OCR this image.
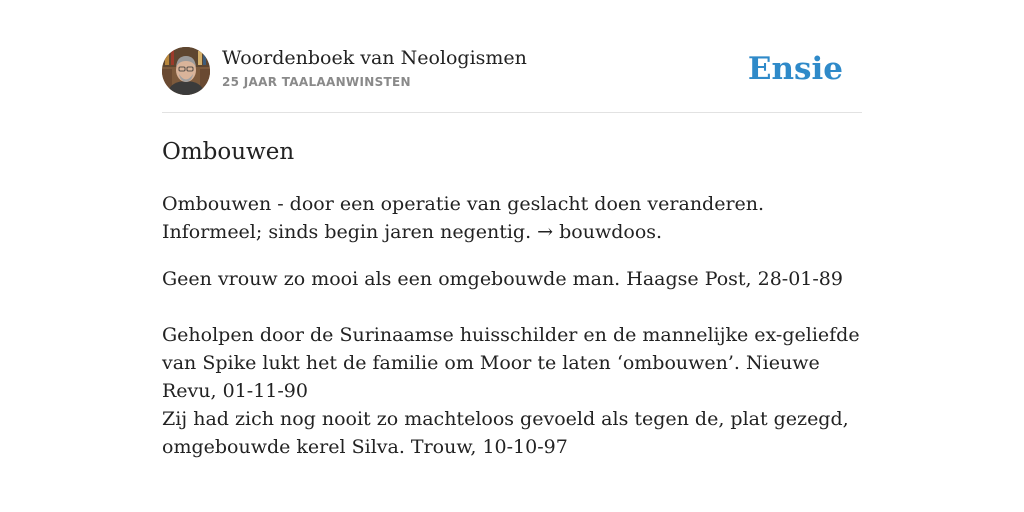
Woordenboek van Neologismen
25 JAAR TAALAANWINSTEN	Ensie
Ombouwen

Ombouwen - door een operatie van geslacht doen veranderen. Informeel; sinds begin jaren negentig. → bouwdoos.

Geen vrouw zo mooi als een omgebouwde man. Haagse Post, 28-01-89

Geholpen door de Surinaamse huisschilder en de mannelijke ex-geliefde van Spike lukt het de familie om Moor te laten ‘ombouwen’. Nieuwe Revu, 01-11-90

Zij had zich nog nooit zo machteloos gevoeld als tegen de, plat gezegd, omgebouwde kerel Silva. Trouw, 10-10-97
